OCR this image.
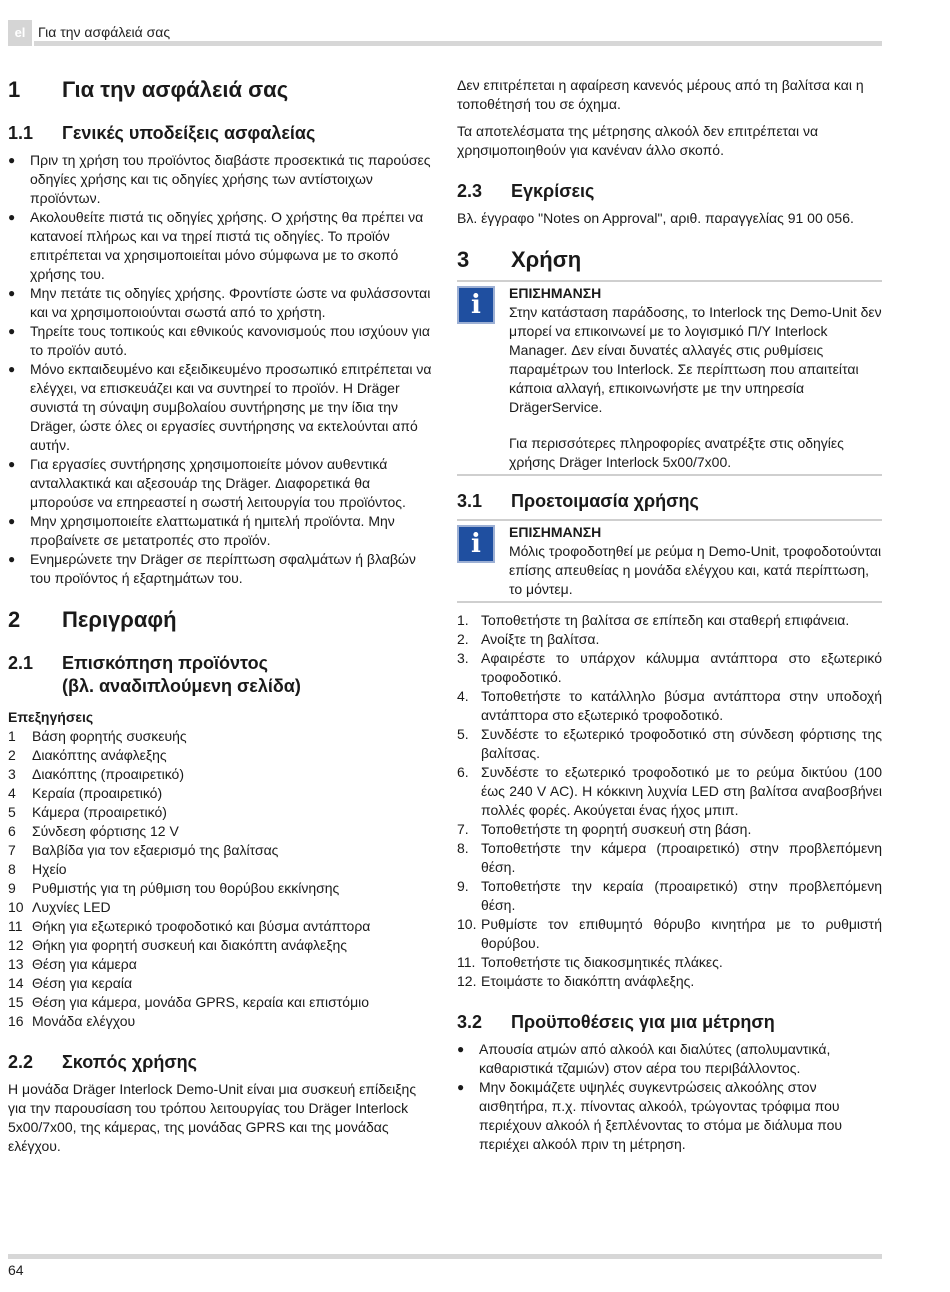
el Για την ασφάλειά σας
1	Για την ασφάλειά σας
1.1	Γενικές υποδείξεις ασφαλείας
● Πριν τη χρήση του προϊόντος διαβάστε προσεκτικά τις παρούσες οδηγίες χρήσης και τις οδηγίες χρήσης των αντίστοιχων προϊόντων.
● Ακολουθείτε πιστά τις οδηγίες χρήσης. Ο χρήστης θα πρέπει να κατανοεί πλήρως και να τηρεί πιστά τις οδηγίες. Το προϊόν επιτρέπεται να χρησιμοποιείται μόνο σύμφωνα με το σκοπό χρήσης του.
● Μην πετάτε τις οδηγίες χρήσης. Φροντίστε ώστε να φυλάσσονται και να χρησιμοποιούνται σωστά από το χρήστη.
● Τηρείτε τους τοπικούς και εθνικούς κανονισμούς που ισχύουν για το προϊόν αυτό.
● Μόνο εκπαιδευμένο και εξειδικευμένο προσωπικό επιτρέπεται να ελέγχει, να επισκευάζει και να συντηρεί το προϊόν. Η Dräger συνιστά τη σύναψη συμβολαίου συντήρησης με την ίδια την Dräger, ώστε όλες οι εργασίες συντήρησης να εκτελούνται από αυτήν.
● Για εργασίες συντήρησης χρησιμοποιείτε μόνον αυθεντικά ανταλλακτικά και αξεσουάρ της Dräger. Διαφορετικά θα μπορούσε να επηρεαστεί η σωστή λειτουργία του προϊόντος.
● Μην χρησιμοποιείτε ελαττωματικά ή ημιτελή προϊόντα. Μην προβαίνετε σε μετατροπές στο προϊόν.
● Ενημερώνετε την Dräger σε περίπτωση σφαλμάτων ή βλαβών του προϊόντος ή εξαρτημάτων του.
2	Περιγραφή
2.1	Επισκόπηση προϊόντος
(βλ. αναδιπλούμενη σελίδα)

Επεξηγήσεις

1	Βάση φορητής συσκευής
2	Διακόπτης ανάφλεξης
3	Διακόπτης (προαιρετικό)
4	Κεραία (προαιρετικό)
5	Κάμερα (προαιρετικό)
6	Σύνδεση φόρτισης 12 V
7	Βαλβίδα για τον εξαερισμό της βαλίτσας
8	Ηχείο
9	Ρυθμιστής για τη ρύθμιση του θορύβου εκκίνησης
10 Λυχνίες LED
11 Θήκη για εξωτερικό τροφοδοτικό και βύσμα αντάπτορα
12 Θήκη για φορητή συσκευή και διακόπτη ανάφλεξης
13 Θέση για κάμερα
14 Θέση για κεραία
15 Θέση για κάμερα, μονάδα GPRS, κεραία και επιστόμιο
16 Μονάδα ελέγχου
2.2	Σκοπός χρήσης

Η μονάδα Dräger Interlock Demo-Unit είναι μια συσκευή επίδειξης για την παρουσίαση του τρόπου λειτουργίας του Dräger Interlock 5x00/7x00, της κάμερας, της μονάδας GPRS και της μονάδας ελέγχου.

Δεν επιτρέπεται η αφαίρεση κανενός μέρους από τη βαλίτσα και η τοποθέτησή του σε όχημα.

Τα αποτελέσματα της μέτρησης αλκοόλ δεν επιτρέπεται να χρησιμοποιηθούν για κανέναν άλλο σκοπό.

2.3	Εγκρίσεις

Βλ. έγγραφο "Notes on Approval", αριθ. παραγγελίας 91 00 056.

3	Χρήση
i	ΕΠΙΣΗΜΑΝΣΗ

Στην κατάσταση παράδοσης, το Interlock της Demo-Unit δεν μπορεί να επικοινωνεί με το λογισμικό Π/Υ Interlock Manager. Δεν είναι δυνατές αλλαγές στις ρυθμίσεις παραμέτρων του Interlock. Σε περίπτωση που απαιτείται κάποια αλλαγή, επικοινωνήστε με την υπηρεσία DrägerService.

Για περισσότερες πληροφορίες ανατρέξτε στις οδηγίες χρήσης Dräger Interlock 5x00/7x00.

3.1	Προετοιμασία χρήσης
i	ΕΠΙΣΗΜΑΝΣΗ

Μόλις τροφοδοτηθεί με ρεύμα η Demo-Unit, τροφοδοτούνται επίσης απευθείας η μονάδα ελέγχου και, κατά περίπτωση, το μόντεμ.

1. Τοποθετήστε τη βαλίτσα σε επίπεδη και σταθερή επιφάνεια.
2. Ανοίξτε τη βαλίτσα.
3. Αφαιρέστε το υπάρχον κάλυμμα αντάπτορα στο εξωτερικό τροφοδοτικό.
4. Τοποθετήστε το κατάλληλο βύσμα αντάπτορα στην υποδοχή αντάπτορα στο εξωτερικό τροφοδοτικό.
5. Συνδέστε το εξωτερικό τροφοδοτικό στη σύνδεση φόρτισης της βαλίτσας.
6. Συνδέστε το εξωτερικό τροφοδοτικό με το ρεύμα δικτύου (100 έως 240 V AC). Η κόκκινη λυχνία LED στη βαλίτσα αναβοσβήνει πολλές φορές. Ακούγεται ένας ήχος μπιπ.
7. Τοποθετήστε τη φορητή συσκευή στη βάση.
8. Τοποθετήστε την κάμερα (προαιρετικό) στην προβλεπόμενη θέση.
9. Τοποθετήστε την κεραία (προαιρετικό) στην προβλεπόμενη θέση.
10. Ρυθμίστε τον επιθυμητό θόρυβο κινητήρα με το ρυθμιστή θορύβου.
11. Τοποθετήστε τις διακοσμητικές πλάκες.
12. Ετοιμάστε το διακόπτη ανάφλεξης.
3.2	Προϋποθέσεις για μια μέτρηση
● Απουσία ατμών από αλκοόλ και διαλύτες (απολυμαντικά, καθαριστικά τζαμιών) στον αέρα του περιβάλλοντος.
● Μην δοκιμάζετε υψηλές συγκεντρώσεις αλκοόλης στον αισθητήρα, π.χ. πίνοντας αλκοόλ, τρώγοντας τρόφιμα που περιέχουν αλκοόλ ή ξεπλένοντας το στόμα με διάλυμα που περιέχει αλκοόλ πριν τη μέτρηση.
64
